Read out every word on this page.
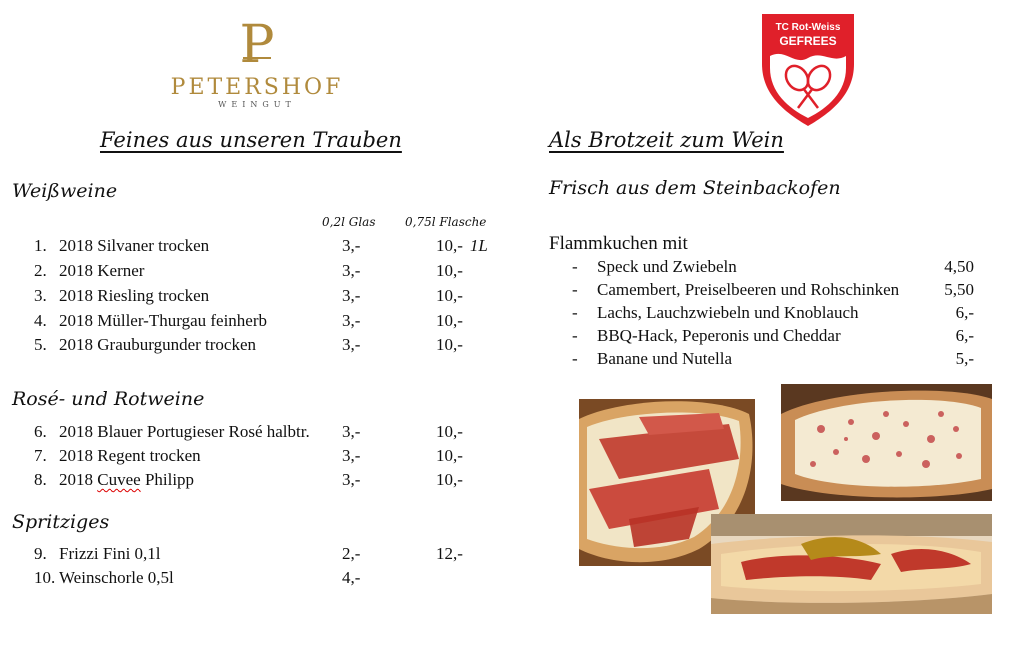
P
PETERSHOF
WEINGUT
TC Rot-Weiss
GEFREES
Feines aus unseren Trauben
Weißweine
0,2l Glas 0,75l Flasche
1. 2018 Silvaner trocken	3,-	10,- 1L
2. 2018 Kerner	3,-	10,-
3. 2018 Riesling trocken	3,-	10,-
4. 2018 Müller-Thurgau feinherb	3,-	10,-
5. 2018 Grauburgunder trocken	3,-	10,-
Rosé- und Rotweine
6. 2018 Blauer Portugieser Rosé halbtr. 3,-	10,-
7. 2018 Regent trocken	3,-	10,-
8. 2018 Cuvee Philipp	3,-	10,-
Spritziges
9. Frizzi Fini 0,1l	2,-	12,-
10. Weinschorle 0,5l	4,-
Als Brotzeit zum Wein
Frisch aus dem Steinbackofen
Flammkuchen mit
- Speck und Zwiebeln	4,50
- Camembert, Preiselbeeren und Rohschinken	5,50
- Lachs, Lauchzwiebeln und Knoblauch	6,-
- BBQ-Hack, Peperonis und Cheddar	6,-
- Banane und Nutella	5,-
